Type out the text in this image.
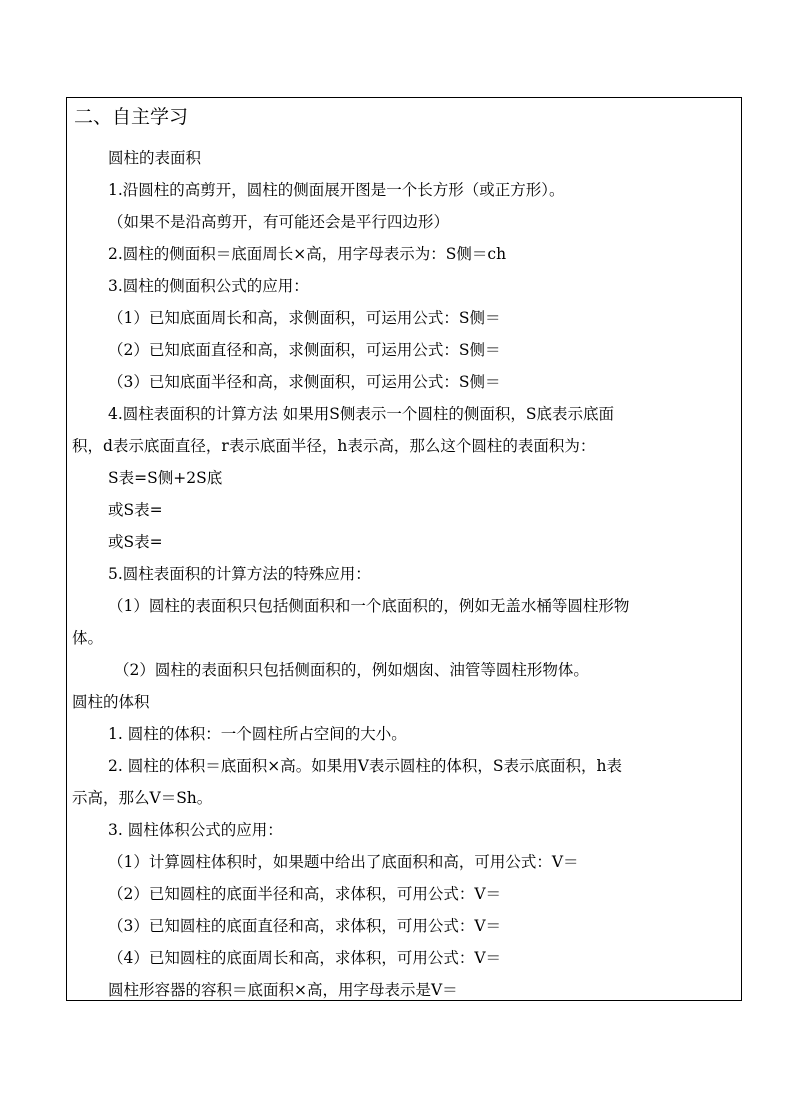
二、自主学习
圆柱的表面积
1.沿圆柱的高剪开，圆柱的侧面展开图是一个长方形（或正方形）。
（如果不是沿高剪开，有可能还会是平行四边形）
2.圆柱的侧面积＝底面周长×高，用字母表示为：S侧＝ch
3.圆柱的侧面积公式的应用：
（1）已知底面周长和高，求侧面积，可运用公式：S侧＝
（2）已知底面直径和高，求侧面积，可运用公式：S侧＝
（3）已知底面半径和高，求侧面积，可运用公式：S侧＝
4.圆柱表面积的计算方法 如果用S侧表示一个圆柱的侧面积，S底表示底面
积，d表示底面直径，r表示底面半径，h表示高，那么这个圆柱的表面积为：
S表=S侧+2S底
或S表=
或S表=
5.圆柱表面积的计算方法的特殊应用：
（1）圆柱的表面积只包括侧面积和一个底面积的，例如无盖水桶等圆柱形物
体。
（2）圆柱的表面积只包括侧面积的，例如烟囱、油管等圆柱形物体。
圆柱的体积
1. 圆柱的体积：一个圆柱所占空间的大小。
2. 圆柱的体积＝底面积×高。如果用V表示圆柱的体积，S表示底面积，h表
示高，那么V＝Sh。
3. 圆柱体积公式的应用：
（1）计算圆柱体积时，如果题中给出了底面积和高，可用公式：V＝
（2）已知圆柱的底面半径和高，求体积，可用公式：V＝
（3）已知圆柱的底面直径和高，求体积，可用公式：V＝
（4）已知圆柱的底面周长和高，求体积，可用公式：V＝
圆柱形容器的容积＝底面积×高，用字母表示是V＝
